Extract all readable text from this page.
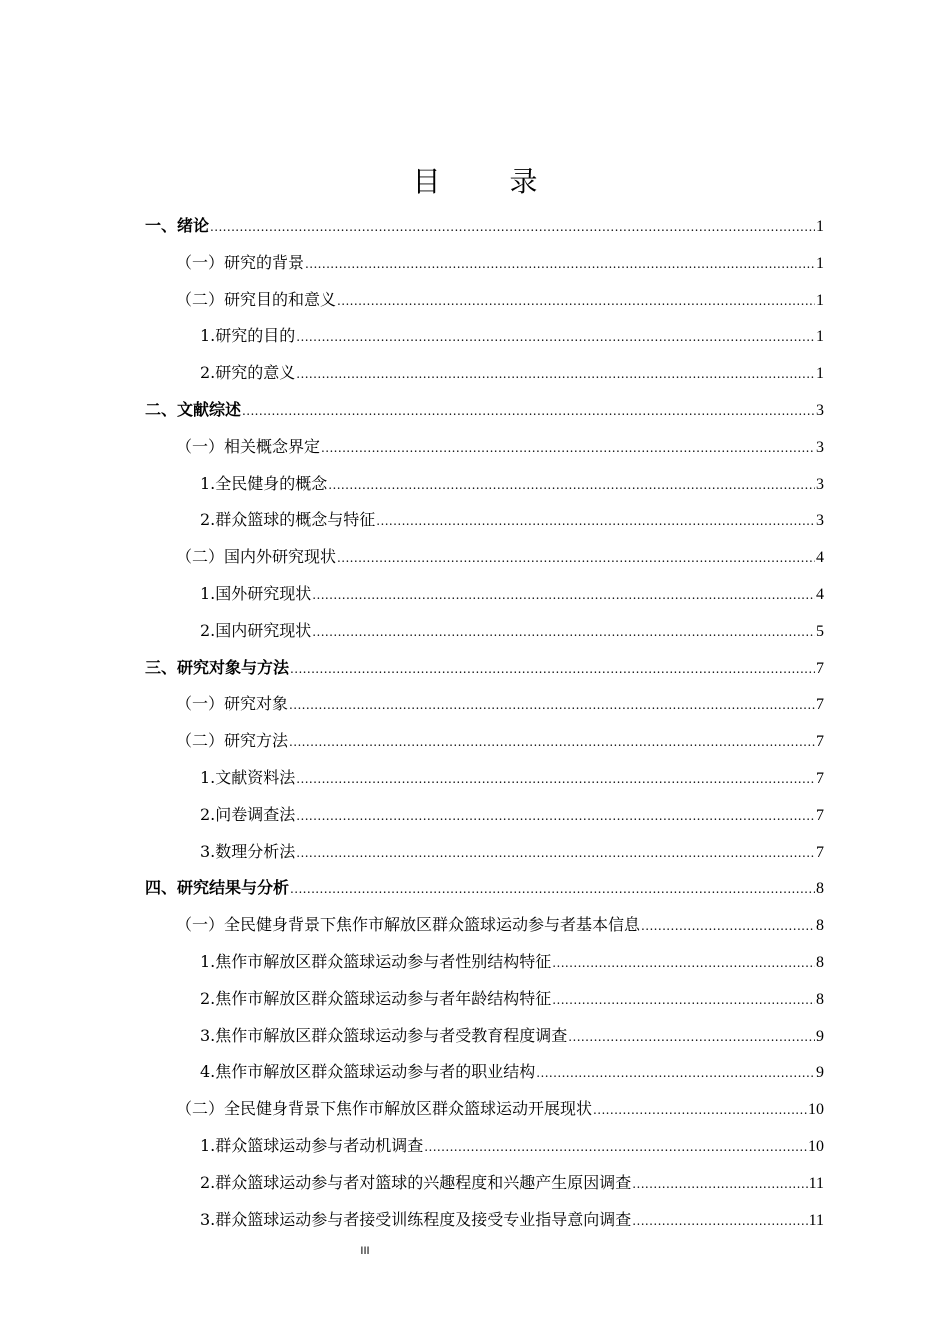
目 录
一、绪论 .....	1
（一）研究的背景 .....	1
（二）研究目的和意义 .....	1
1.研究的目的 .....	1
2.研究的意义 .....	1
二、文献综述 .....	3
（一）相关概念界定 .....	3
1.全民健身的概念 .....	3
2.群众篮球的概念与特征 .....	3
（二）国内外研究现状 .....	4
1.国外研究现状 .....	4
2.国内研究现状 .....	5
三、研究对象与方法 .....	7
（一）研究对象 .....	7
（二）研究方法 .....	7
1.文献资料法 .....	7
2.问卷调查法 .....	7
3.数理分析法 .....	7
四、研究结果与分析 .....	8
（一）全民健身背景下焦作市解放区群众篮球运动参与者基本信息 .....	8
1.焦作市解放区群众篮球运动参与者性别结构特征 .....	8
2.焦作市解放区群众篮球运动参与者年龄结构特征 .....	8
3.焦作市解放区群众篮球运动参与者受教育程度调查 .....	9
4.焦作市解放区群众篮球运动参与者的职业结构 .....	9
（二）全民健身背景下焦作市解放区群众篮球运动开展现状 .....	10
1.群众篮球运动参与者动机调查 .....	10
2.群众篮球运动参与者对篮球的兴趣程度和兴趣产生原因调查 .....	11
3.群众篮球运动参与者接受训练程度及接受专业指导意向调查 .....	11
III
